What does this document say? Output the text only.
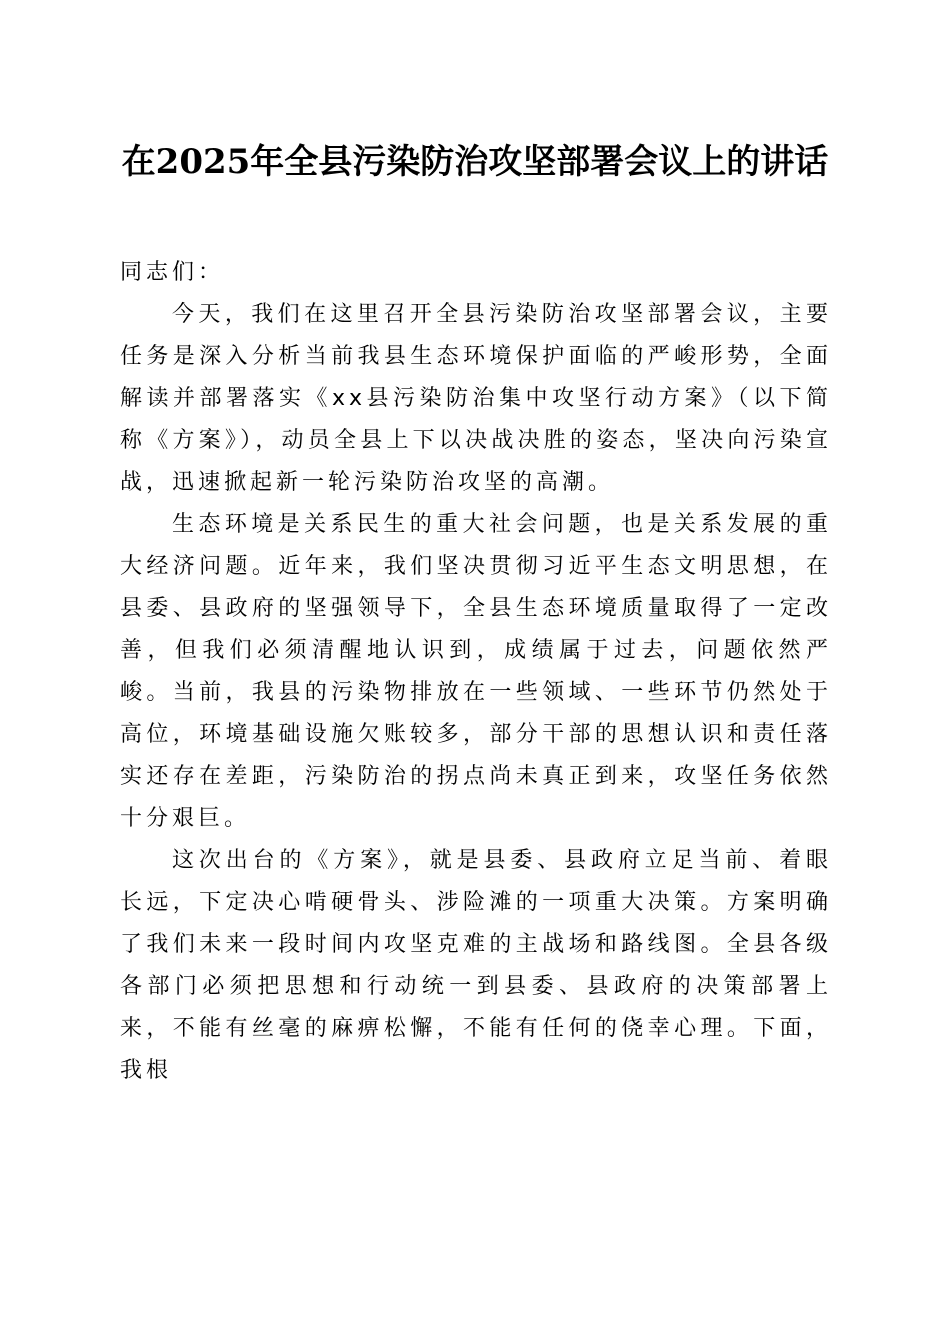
在2025年全县污染防治攻坚部署会议上的讲话

同志们：

今天，我们在这里召开全县污染防治攻坚部署会议，主要任务是深入分析当前我县生态环境保护面临的严峻形势，全面解读并部署落实《xx县污染防治集中攻坚行动方案》（以下简称《方案》），动员全县上下以决战决胜的姿态，坚决向污染宣战，迅速掀起新一轮污染防治攻坚的高潮。

生态环境是关系民生的重大社会问题，也是关系发展的重大经济问题。近年来，我们坚决贯彻习近平生态文明思想，在县委、县政府的坚强领导下，全县生态环境质量取得了一定改善，但我们必须清醒地认识到，成绩属于过去，问题依然严峻。当前，我县的污染物排放在一些领域、一些环节仍然处于高位，环境基础设施欠账较多，部分干部的思想认识和责任落实还存在差距，污染防治的拐点尚未真正到来，攻坚任务依然十分艰巨。

这次出台的《方案》，就是县委、县政府立足当前、着眼长远，下定决心啃硬骨头、涉险滩的一项重大决策。方案明确了我们未来一段时间内攻坚克难的主战场和路线图。全县各级各部门必须把思想和行动统一到县委、县政府的决策部署上来，不能有丝毫的麻痹松懈，不能有任何的侥幸心理。下面，我根
